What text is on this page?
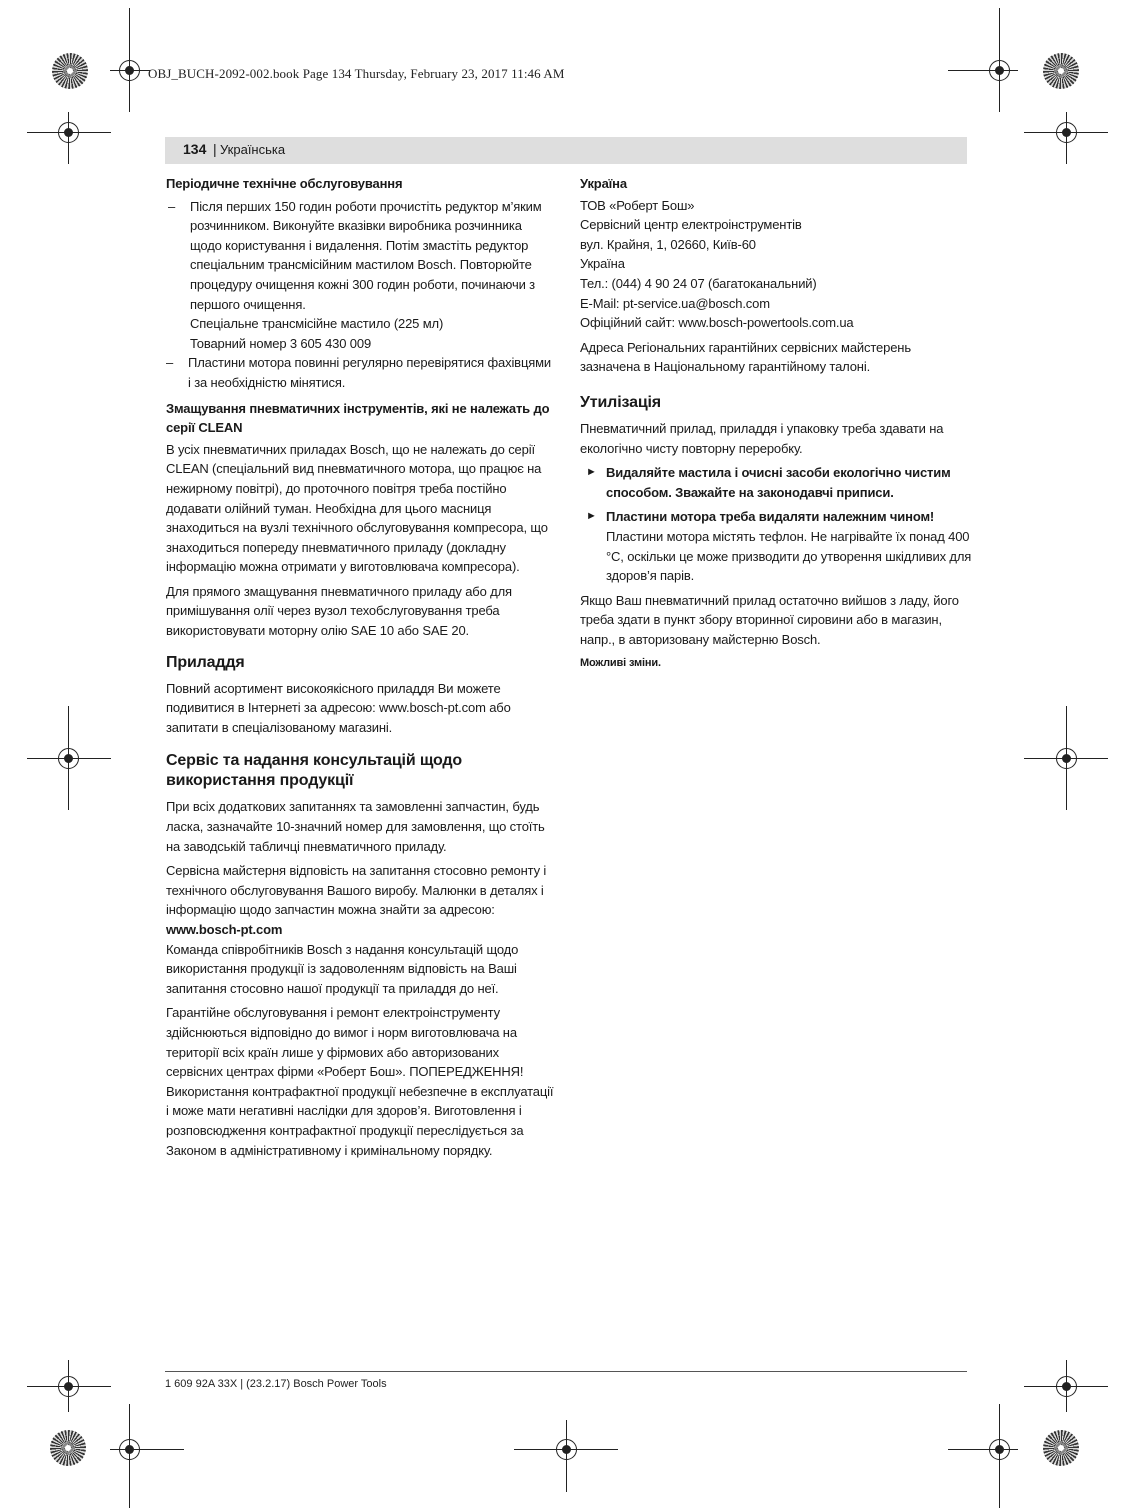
OBJ_BUCH-2092-002.book Page 134 Thursday, February 23, 2017 11:46 AM
134 | Українська

Періодичне технічне обслуговування

–	Після перших 150 годин роботи прочистіть редуктор м’яким розчинником. Виконуйте вказівки виробника розчинника щодо користування і видалення. Потім змастіть редуктор спеціальним трансмісійним мастилом Bosch. Повторюйте процедуру очищення кожні 300 годин роботи, починаючи з першого очищення.
Спеціальне трансмісійне мастило (225 мл)
Товарний номер 3 605 430 009
–	Пластини мотора повинні регулярно перевірятися фахівцями і за необхідністю мінятися.

Змащування пневматичних інструментів, які не належать до серії CLEAN

В усіх пневматичних приладах Bosch, що не належать до серії CLEAN (спеціальний вид пневматичного мотора, що працює на нежирному повітрі), до проточного повітря треба постійно додавати олійний туман. Необхідна для цього масниця знаходиться на вузлі технічного обслуговування компресора, що знаходиться попереду пневматичного приладу (докладну інформацію можна отримати у виготовлювача компресора).

Для прямого змащування пневматичного приладу або для примішування олії через вузол техобслуговування треба використовувати моторну олію SAE 10 або SAE 20.

Приладдя

Повний асортимент високоякісного приладдя Ви можете подивитися в Інтернеті за адресою: www.bosch-pt.com або запитати в спеціалізованому магазині.

Сервіс та надання консультацій щодо використання продукції

При всіх додаткових запитаннях та замовленні запчастин, будь ласка, зазначайте 10-значний номер для замовлення, що стоїть на заводській табличці пневматичного приладу.

Сервісна майстерня відповість на запитання стосовно ремонту і технічного обслуговування Вашого виробу. Малюнки в деталях і інформацію щодо запчастин можна знайти за адресою:

www.bosch-pt.com

Команда співробітників Bosch з надання консультацій щодо використання продукції із задоволенням відповість на Ваші запитання стосовно нашої продукції та приладдя до неї.

Гарантійне обслуговування і ремонт електроінструменту здійснюються відповідно до вимог і норм виготовлювача на території всіх країн лише у фірмових або авторизованих сервісних центрах фірми «Роберт Бош». ПОПЕРЕДЖЕННЯ! Використання контрафактної продукції небезпечне в експлуатації і може мати негативні наслідки для здоров’я. Виготовлення і розповсюдження контрафактної продукції переслідується за Законом в адміністративному і кримінальному порядку.

Україна

ТОВ «Роберт Бош»
Сервісний центр електроінструментів
вул. Крайня, 1, 02660, Київ-60
Україна
Тел.: (044) 4 90 24 07 (багатоканальний)
E-Mail: pt-service.ua@bosch.com
Офіційний сайт: www.bosch-powertools.com.ua

Адреса Регіональних гарантійних сервісних майстерень зазначена в Національному гарантійному талоні.

Утилізація

Пневматичний прилад, приладдя і упаковку треба здавати на екологічно чисту повторну переробку.

► Видаляйте мастила і очисні засоби екологічно чистим способом. Зважайте на законодавчі приписи.
► Пластини мотора треба видаляти належним чином! Пластини мотора містять тефлон. Не нагрівайте їх понад 400 °C, оскільки це може призводити до утворення шкідливих для здоров’я парів.

Якщо Ваш пневматичний прилад остаточно вийшов з ладу, його треба здати в пункт збору вторинної сировини або в магазин, напр., в авторизовану майстерню Bosch.

Можливі зміни.

1 609 92A 33X | (23.2.17) Bosch Power Tools
